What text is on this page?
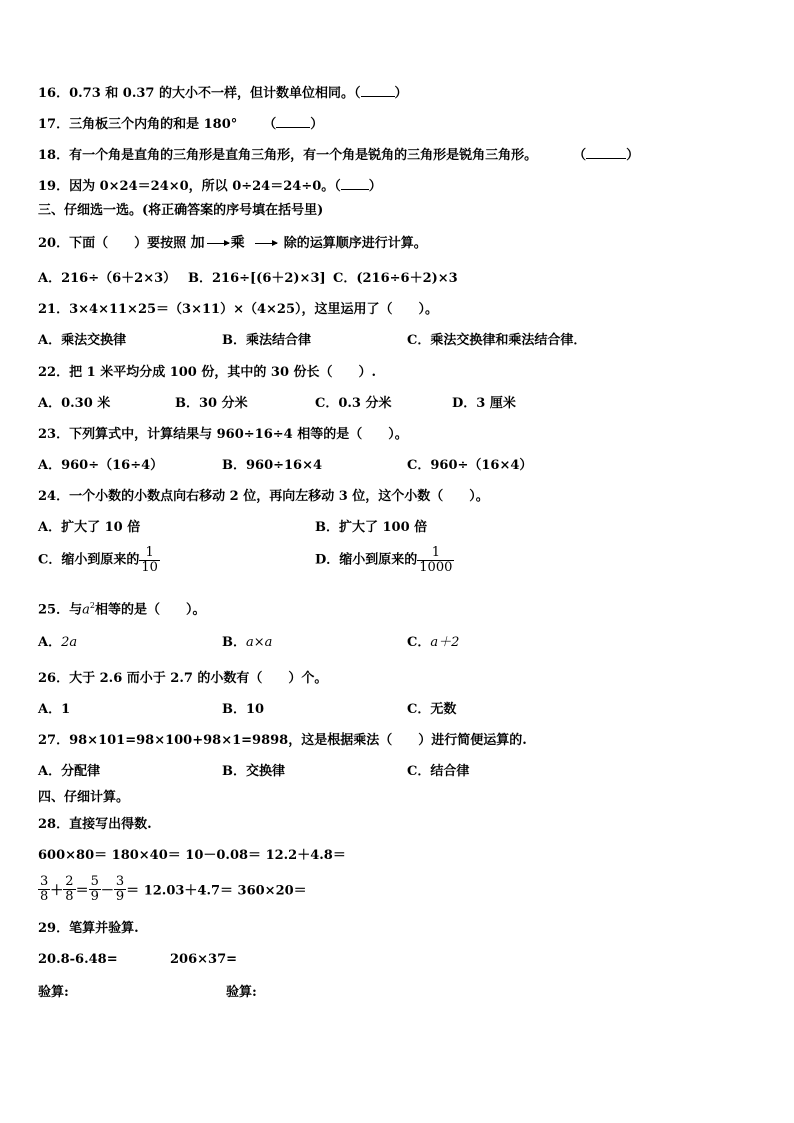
16．0.73 和 0.37 的大小不一样，但计数单位相同。（	）
17．三角板三个内角的和是 180° （	）
18．有一个角是直角的三角形是直角三角形，有一个角是锐角的三角形是锐角三角形。	（	）
19．因为 0×24＝24×0，所以 0÷24＝24÷0。（ ）
三、仔细选一选。(将正确答案的序号填在括号里)
20．下面（　　）要按照 加 乘	除的运算顺序进行计算。
A．216÷（6＋2×3） B．216÷[(6＋2)×3] C．(216÷6＋2)×3
21．3×4×11×25＝（3×11）×（4×25），这里运用了（　　）。
A．乘法交换律	B．乘法结合律	C．乘法交换律和乘法结合律．
22．把 1 米平均分成 100 份，其中的 30 份长（　　）.
A．0.30 米	B．30 分米	C．0.3 分米	D．3 厘米
23．下列算式中，计算结果与 960÷16÷4 相等的是（　　）。
A．960÷（16÷4）	B．960÷16×4	C．960÷（16×4）
24．一个小数的小数点向右移动 2 位，再向左移动 3 位，这个小数（　　）。
A．扩大了 10 倍	B．扩大了 100 倍
C．缩小到原来的 $\frac{1}{10}$	D．缩小到原来的 $\frac{1}{1000}$
25．与$a^2$相等的是（　　）。
A．2a	B．a×a	C．a＋2
26．大于 2.6 而小于 2.7 的小数有（　　）个。
A．1	B．10	C．无数
27．98×101=98×100+98×1=9898，这是根据乘法（　　）进行简便运算的.
A．分配律	B．交换律	C．结合律
四、仔细计算。
28．直接写出得数.
600×80＝ 180×40＝ 10－0.08＝ 12.2＋4.8＝
$\frac{3}{8} + \frac{2}{8} = \frac{5}{9} - \frac{3}{9} = 12.03+4.7= 360\times 20=$
29．笔算并验算.
20.8-6.48=	206×37=
验算:	验算:
